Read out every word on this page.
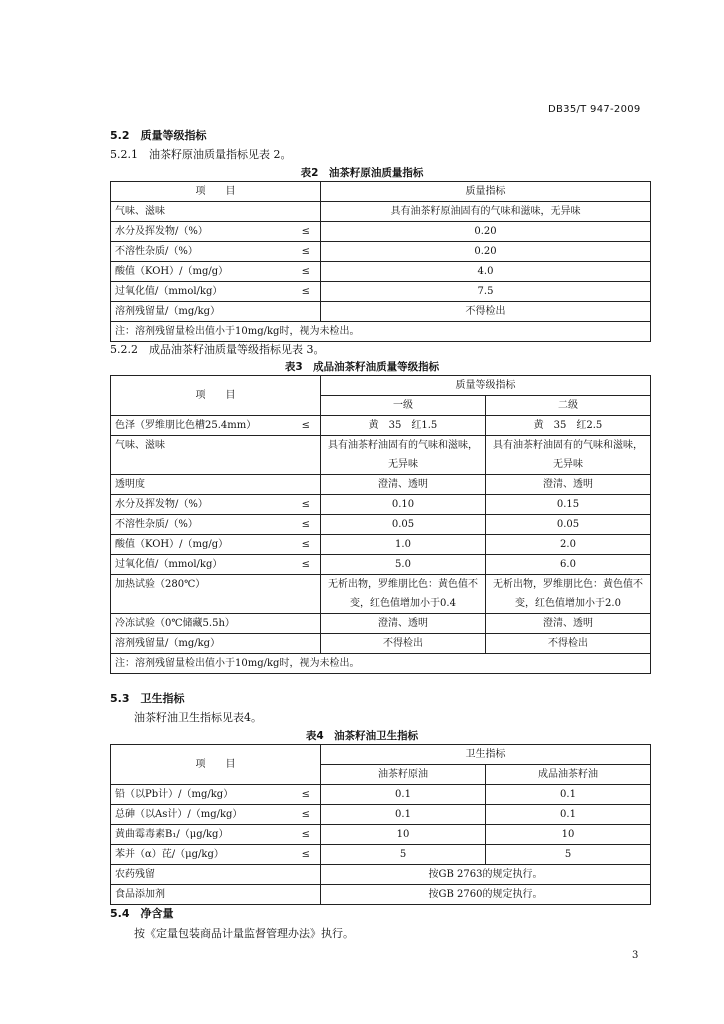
DB35/T 947-2009
5.2　质量等级指标
5.2.1　油茶籽原油质量指标见表 2。
表2　油茶籽原油质量指标
项　　目	质量指标

气味、滋味	具有油茶籽原油固有的气味和滋味，无异味

水分及挥发物/（%） ≤	0.20

不溶性杂质/（%） ≤	0.20

酸值（KOH）/（mg/g） ≤	4.0

过氧化值/（mmol/kg） ≤	7.5

溶剂残留量/（mg/kg）	不得检出
注：溶剂残留量检出值小于10mg/kg时，视为未检出。	
5.2.2　成品油茶籽油质量等级指标见表 3。
表3　成品油茶籽油质量等级指标
项　　目	质量等级指标	
	一级	二级

色泽（罗维朋比色槽25.4mm） ≤	黄　35　红1.5	黄　35　红2.5

气味、滋味	具有油茶籽油固有的气味和滋味，无异味	具有油茶籽油固有的气味和滋味，无异味

透明度	澄清、透明	澄清、透明

水分及挥发物/（%） ≤	0.10	0.15

不溶性杂质/（%） ≤	0.05	0.05

酸值（KOH）/（mg/g） ≤	1.0	2.0

过氧化值/（mmol/kg） ≤	5.0	6.0

加热试验（280℃）	无析出物，罗维朋比色：黄色值不变，红色值增加小于0.4	无析出物，罗维朋比色：黄色值不变，红色值增加小于2.0

冷冻试验（0℃储藏5.5h）	澄清、透明	澄清、透明

溶剂残留量/（mg/kg）	不得检出	不得检出
注：溶剂残留量检出值小于10mg/kg时，视为未检出。		
5.3　卫生指标
油茶籽油卫生指标见表4。
表4　油茶籽油卫生指标
项　　目	卫生指标	
	油茶籽原油	成品油茶籽油

铅（以Pb计）/（mg/kg） ≤	0.1	0.1

总砷（以As计）/（mg/kg） ≤	0.1	0.1

黄曲霉毒素B₁/（μg/kg） ≤	10	10

苯并（α）芘/（μg/kg） ≤	5	5
农药残留	按GB 2763的规定执行。	
食品添加剂	按GB 2760的规定执行。	
5.4　净含量
按《定量包装商品计量监督管理办法》执行。
3
